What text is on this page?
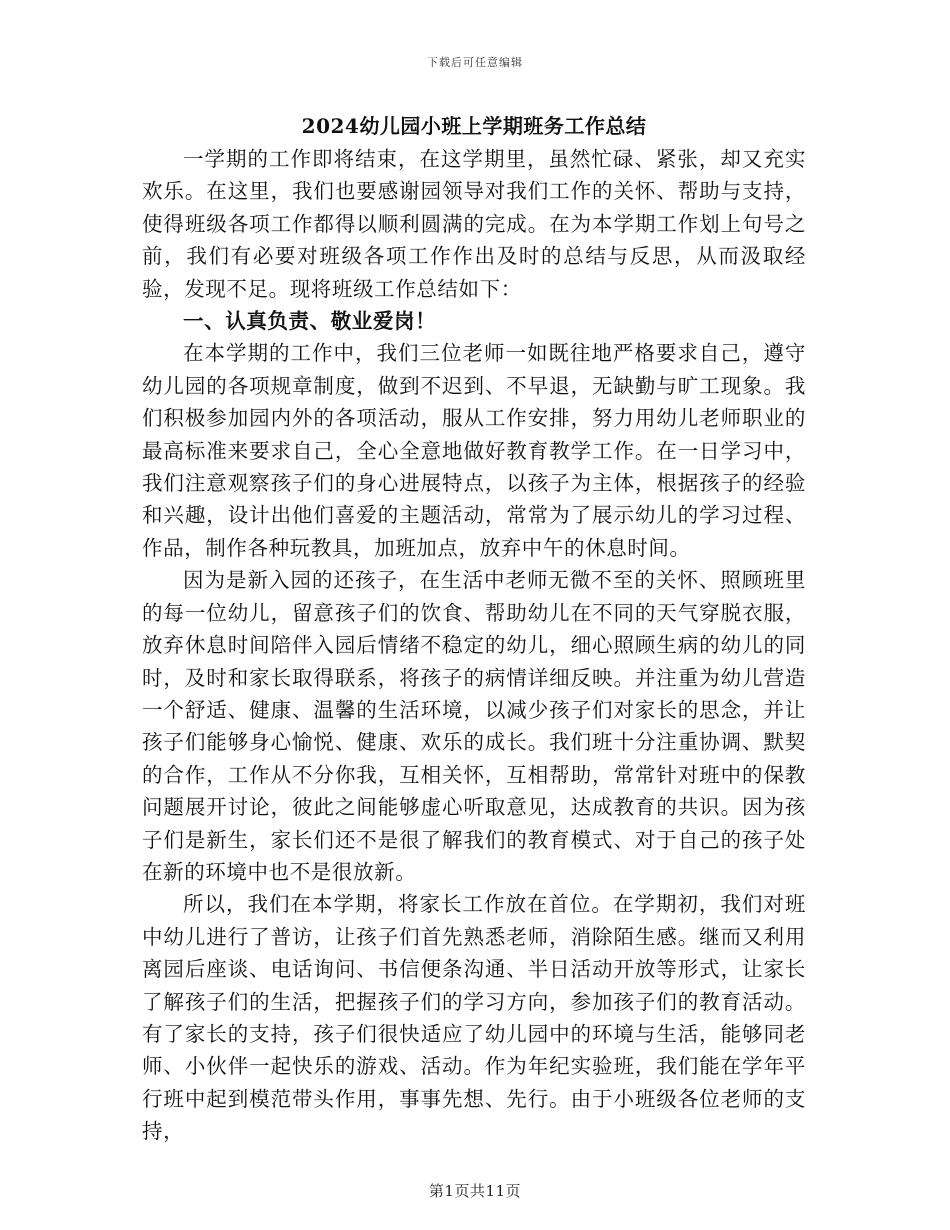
下载后可任意编辑
2024幼儿园小班上学期班务工作总结

一学期的工作即将结束，在这学期里，虽然忙碌、紧张，却又充实欢乐。在这里，我们也要感谢园领导对我们工作的关怀、帮助与支持，使得班级各项工作都得以顺利圆满的完成。在为本学期工作划上句号之前，我们有必要对班级各项工作作出及时的总结与反思，从而汲取经验，发现不足。现将班级工作总结如下：

一、认真负责、敬业爱岗！

在本学期的工作中，我们三位老师一如既往地严格要求自己，遵守幼儿园的各项规章制度，做到不迟到、不早退，无缺勤与旷工现象。我们积极参加园内外的各项活动，服从工作安排，努力用幼儿老师职业的最高标准来要求自己，全心全意地做好教育教学工作。在一日学习中，我们注意观察孩子们的身心进展特点，以孩子为主体，根据孩子的经验和兴趣，设计出他们喜爱的主题活动，常常为了展示幼儿的学习过程、作品，制作各种玩教具，加班加点，放弃中午的休息时间。

因为是新入园的还孩子，在生活中老师无微不至的关怀、照顾班里的每一位幼儿，留意孩子们的饮食、帮助幼儿在不同的天气穿脱衣服，放弃休息时间陪伴入园后情绪不稳定的幼儿，细心照顾生病的幼儿的同时，及时和家长取得联系，将孩子的病情详细反映。并注重为幼儿营造一个舒适、健康、温馨的生活环境，以减少孩子们对家长的思念，并让孩子们能够身心愉悦、健康、欢乐的成长。我们班十分注重协调、默契的合作，工作从不分你我，互相关怀，互相帮助，常常针对班中的保教问题展开讨论，彼此之间能够虚心听取意见，达成教育的共识。因为孩子们是新生，家长们还不是很了解我们的教育模式、对于自己的孩子处在新的环境中也不是很放新。

所以，我们在本学期，将家长工作放在首位。在学期初，我们对班中幼儿进行了普访，让孩子们首先熟悉老师，消除陌生感。继而又利用离园后座谈、电话询问、书信便条沟通、半日活动开放等形式，让家长了解孩子们的生活，把握孩子们的学习方向，参加孩子们的教育活动。有了家长的支持，孩子们很快适应了幼儿园中的环境与生活，能够同老师、小伙伴一起快乐的游戏、活动。作为年纪实验班，我们能在学年平行班中起到模范带头作用，事事先想、先行。由于小班级各位老师的支持，

第1页共11页
